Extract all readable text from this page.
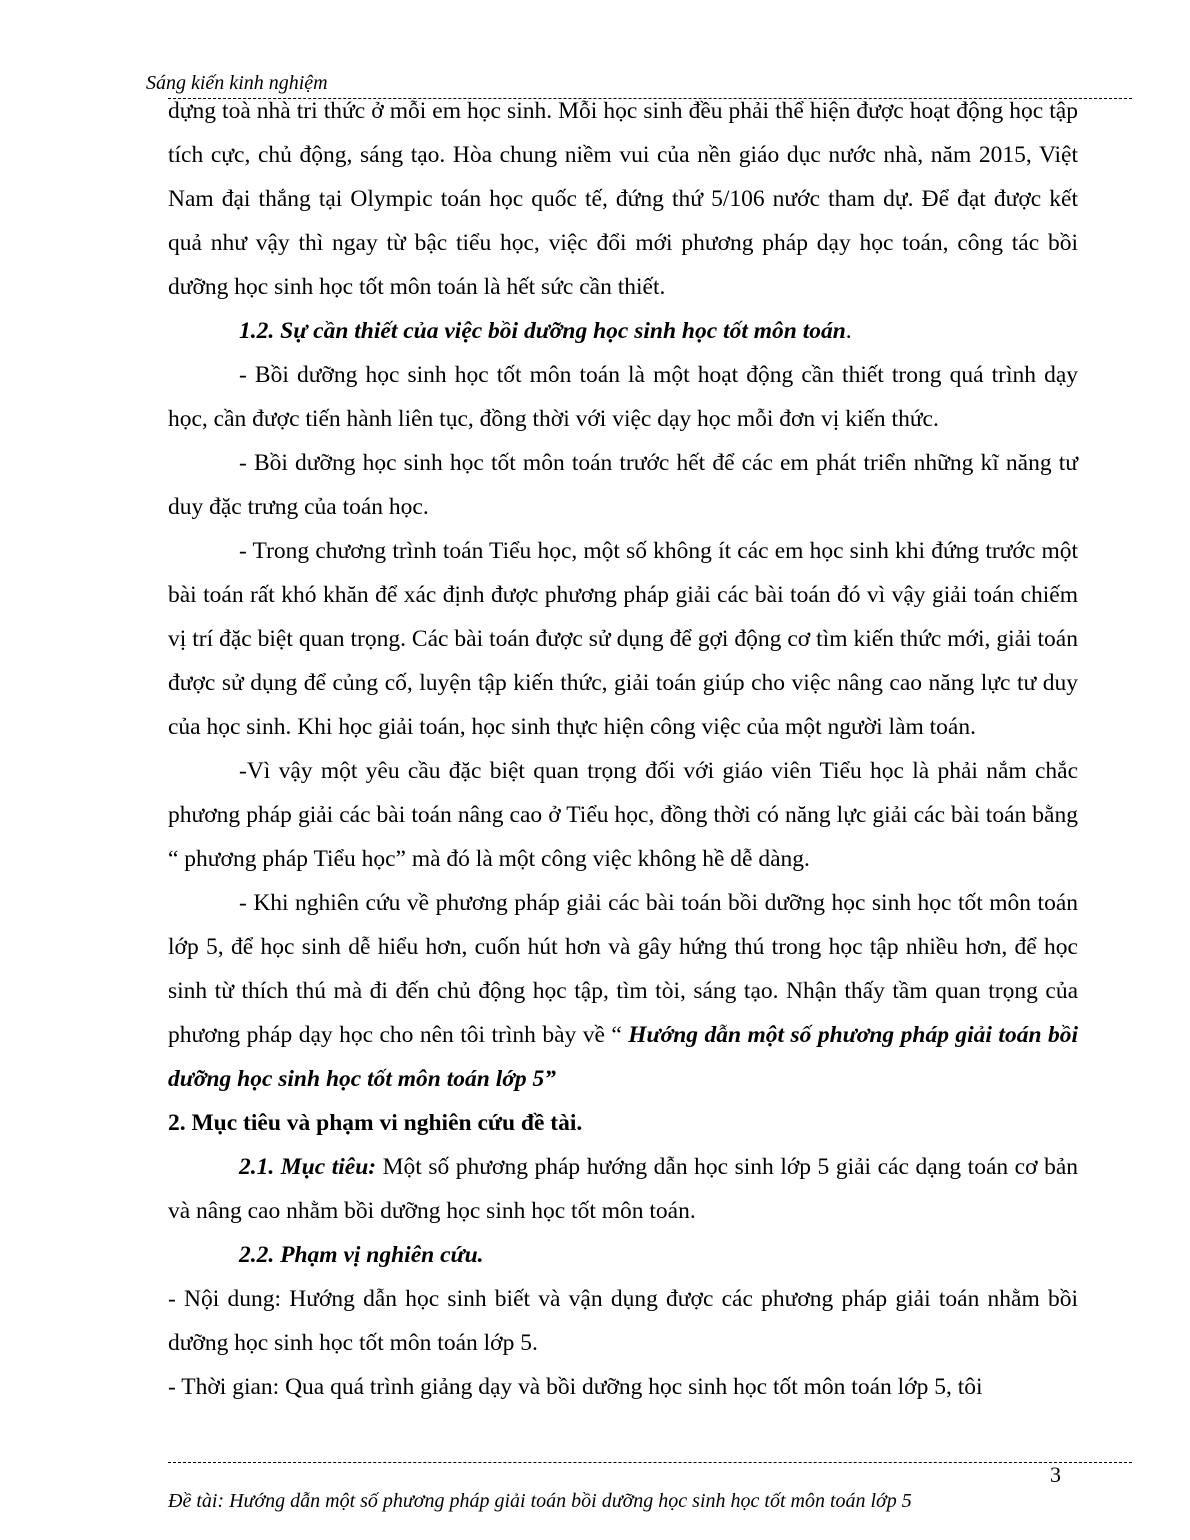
Sáng kiến kinh nghiệm

dựng toà nhà tri thức ở mỗi em học sinh. Mỗi học sinh đều phải thể hiện được hoạt động học tập tích cực, chủ động, sáng tạo. Hòa chung niềm vui của nền giáo dục nước nhà, năm 2015, Việt Nam đại thắng tại Olympic toán học quốc tế, đứng thứ 5/106 nước tham dự. Để đạt được kết quả như vậy thì ngay từ bậc tiểu học, việc đổi mới phương pháp dạy học toán, công tác bồi dưỡng học sinh học tốt môn toán là hết sức cần thiết.

1.2. Sự cần thiết của việc bồi dưỡng học sinh học tốt môn toán.

- Bồi dưỡng học sinh học tốt môn toán là một hoạt động cần thiết trong quá trình dạy học, cần được tiến hành liên tục, đồng thời với việc dạy học mỗi đơn vị kiến thức.

- Bồi dưỡng học sinh học tốt môn toán trước hết để các em phát triển những kĩ năng tư duy đặc trưng của toán học.

- Trong chương trình toán Tiểu học, một số không ít các em học sinh khi đứng trước một bài toán rất khó khăn để xác định được phương pháp giải các bài toán đó vì vậy giải toán chiếm vị trí đặc biệt quan trọng. Các bài toán được sử dụng để gợi động cơ tìm kiến thức mới, giải toán được sử dụng để củng cố, luyện tập kiến thức, giải toán giúp cho việc nâng cao năng lực tư duy của học sinh. Khi học giải toán, học sinh thực hiện công việc của một người làm toán.

-Vì vậy một yêu cầu đặc biệt quan trọng đối với giáo viên Tiểu học là phải nắm chắc phương pháp giải các bài toán nâng cao ở Tiểu học, đồng thời có năng lực giải các bài toán bằng “ phương pháp Tiểu học” mà đó là một công việc không hề dễ dàng.

- Khi nghiên cứu về phương pháp giải các bài toán bồi dưỡng học sinh học tốt môn toán lớp 5, để học sinh dễ hiểu hơn, cuốn hút hơn và gây hứng thú trong học tập nhiều hơn, để học sinh từ thích thú mà đi đến chủ động học tập, tìm tòi, sáng tạo. Nhận thấy tầm quan trọng của phương pháp dạy học cho nên tôi trình bày về “ Hướng dẫn một số phương pháp giải toán bồi dưỡng học sinh học tốt môn toán lớp 5”

2. Mục tiêu và phạm vi nghiên cứu đề tài.

2.1. Mục tiêu: Một số phương pháp hướng dẫn học sinh lớp 5 giải các dạng toán cơ bản và nâng cao nhằm bồi dưỡng học sinh học tốt môn toán.

2.2. Phạm vị nghiên cứu.

- Nội dung: Hướng dẫn học sinh biết và vận dụng được các phương pháp giải toán nhằm bồi dưỡng học sinh học tốt môn toán lớp 5.

- Thời gian: Qua quá trình giảng dạy và bồi dưỡng học sinh học tốt môn toán lớp 5, tôi

3
Đề tài: Hướng dẫn một số phương pháp giải toán bồi dưỡng học sinh học tốt môn toán lớp 5
